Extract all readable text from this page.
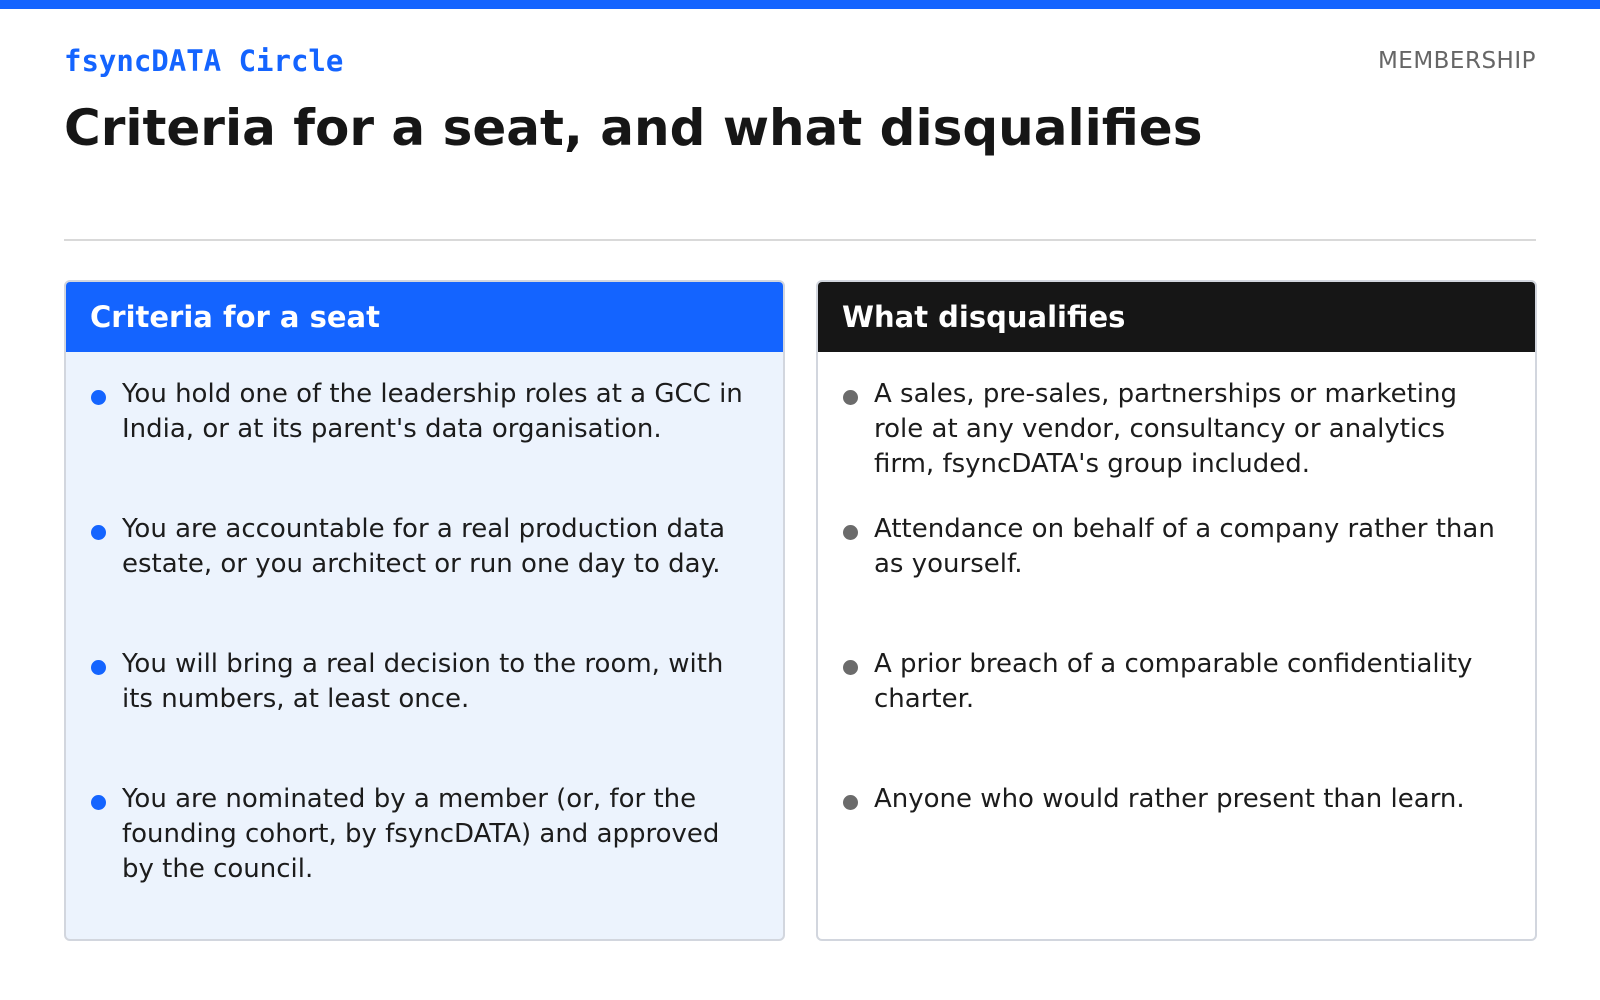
fsyncDATA Circle	MEMBERSHIP
Criteria for a seat, and what disqualifies
Criteria for a seat
You hold one of the leadership roles at a GCC in India, or at its parent's data organisation.
You are accountable for a real production data estate, or you architect or run one day to day.
You will bring a real decision to the room, with its numbers, at least once.
You are nominated by a member (or, for the founding cohort, by fsyncDATA) and approved by the council.
What disqualifies
A sales, pre-sales, partnerships or marketing role at any vendor, consultancy or analytics firm, fsyncDATA's group included.
Attendance on behalf of a company rather than as yourself.
A prior breach of a comparable confidentiality charter.
Anyone who would rather present than learn.
